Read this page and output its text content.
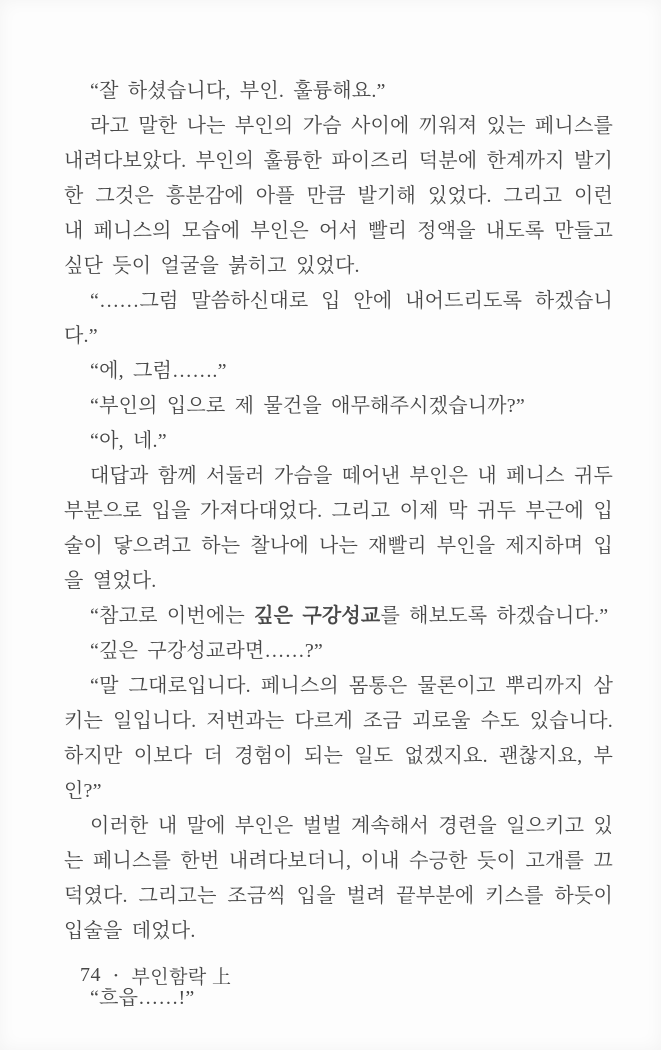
“잘 하셨습니다, 부인. 훌륭해요.”

라고 말한 나는 부인의 가슴 사이에 끼워져 있는 페니스를 내려다보았다. 부인의 훌륭한 파이즈리 덕분에 한계까지 발기한 그것은 흥분감에 아플 만큼 발기해 있었다. 그리고 이런 내 페니스의 모습에 부인은 어서 빨리 정액을 내도록 만들고 싶단 듯이 얼굴을 붉히고 있었다.

“……그럼 말씀하신대로 입 안에 내어드리도록 하겠습니다.”

“에, 그럼…….”

“부인의 입으로 제 물건을 애무해주시겠습니까?”

“아, 네.”

대답과 함께 서둘러 가슴을 떼어낸 부인은 내 페니스 귀두 부분으로 입을 가져다대었다. 그리고 이제 막 귀두 부근에 입술이 닿으려고 하는 찰나에 나는 재빨리 부인을 제지하며 입을 열었다.

“참고로 이번에는 깊은 구강성교를 해보도록 하겠습니다.”

“깊은 구강성교라면……?”

“말 그대로입니다. 페니스의 몸통은 물론이고 뿌리까지 삼키는 일입니다. 저번과는 다르게 조금 괴로울 수도 있습니다. 하지만 이보다 더 경험이 되는 일도 없겠지요. 괜찮지요, 부인?”

이러한 내 말에 부인은 벌벌 계속해서 경련을 일으키고 있는 페니스를 한번 내려다보더니, 이내 수긍한 듯이 고개를 끄덕였다. 그리고는 조금씩 입을 벌려 끝부분에 키스를 하듯이 입술을 데었다.

“흐읍……!”

74 • 부인함락 上
